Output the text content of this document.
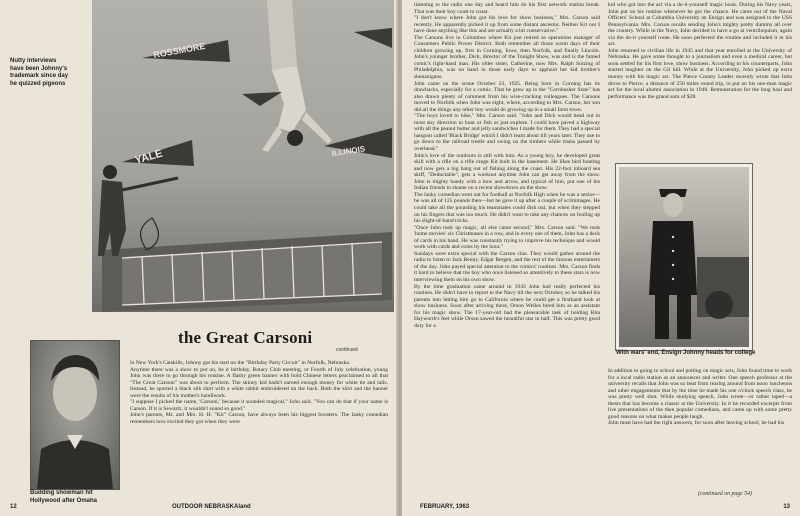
ROSSMORE
YALE	ILLINOIS
Nutty interviews
have been Johnny's
trademark since day
he quizzed pigeons
Budding showman hit Hollywood after Omaha
the Great Carsoni
continued
in New York's Catskills, Johnny got his start on the "Birthday Party Circuit" in Norfolk, Nebraska.
Anytime there was a show to put on, be it birthday, Rotary Club meeting, or Fourth of July celebration, young John was there to go through his routine. A flashy green banner with bold Chinese letters proclaimed to all that "The Great Carsoni" was about to perform. The skinny kid hadn't earned enough money for white tie and tails. Instead, he sported a black silk shirt with a white rabbit embroidered on the back. Both the shirt and the banner were the results of his mother's handiwork.
"I suppose I picked the name, 'Carsoni,' because it sounded magical," John said. "You can do that if your name is Carson. If it is Sewartz, it wouldn't sound so good."
John's parents, Mr. and Mrs. H. H. "Kit" Carson, have always been his biggest boosters. The lanky comedian remembers how excited they got when they were
12	OUTDOOR NEBRASKAland
listening to the radio one day and heard him do his first network station break. That was their boy coast to coast.
"I don't know where John got his love for show business," Mrs. Carson said recently. He apparently picked it up from some distant ancestor. Neither Kit nor I have done anything like this and are actually a bit conservative."
The Carsons live in Columbus where Kit just retired as operations manager of Consumers Public Power District. Both remember all those warm days of their children growing up, first in Corning, Iowa, then Norfolk, and finally Lincoln. John's younger brother, Dick, director of the Tonight Show, was and is the famed comic's right-hand man. His older sister, Catherine, now Mrs. Ralph Sotzing of Philadelphia, was on hand in those early days to applaud her kid brother's shenanigans.
John came on the scene October 23, 1925. Being born in Corning has its drawbacks, especially for a comic. That he grew up in the "Cornhusker State" has also drawn plenty of comment from his wise-cracking colleagues. The Carsons moved to Norfolk when John was eight, where, according to Mrs. Carson, her son did all the things any other boy would do growing up in a small farm town.
"The boys loved to hike," Mrs. Carson said. "John and Dick would head out in most any direction to hunt or fish or just explore. I could have paved a highway with all the peanut butter and jelly sandwiches I made for them. They had a special hangout called 'Black Bridge' which I didn't learn about till years later. They use to go down to the railroad trestle and swing on the timbers while trains passed by overhead."
John's love of the outdoors is still with him. As a young boy, he developed great skill with a rifle on a rifle range Kit built in the basement. He likes bird hunting and now gets a big bang out of fishing along the coast. His 22-foot inboard sea skiff, "Deductable", gets a workout anytime John can get away from the show. John is mighty handy with a bow and arrow, and typical of him, put one of his Indian friends to shame on a recent showdown on the show.
The lanky comedian went out for football at Norfolk High when he was a senior—he was all of 125 pounds then—but he gave it up after a couple of scrimmages. He could take all the pounding his teammates could dish out, but when they stepped on his fingers that was too much. He didn't want to take any chances on fouling up his slight-of-hand tricks.
"Once John took up magic, all else came second," Mrs. Carson said. "We took 'home movies' six Christmases in a row, and in every one of them, John has a deck of cards in his hand. He was constantly trying to improve his technique and would work with cards and coins by the hour."
Sundays were extra special with the Carson clan. They would gather around the radio to listen to Jack Benny, Edgar Bergen, and the rest of the famous entertainers of the day. John payed special attention to the comics' routines. Mrs. Carson finds it hard to believe that the boy who once listened so attentively to these stars is now interviewing them on his own show.
By the time graduation came around in 1943 John had really perfected his routines. He didn't have to report to the Navy till the next October, so he talked his parents into letting him go to California where he could get a firsthand look at show business. Soon after arriving there, Orson Welles hired him as an assistant for his magic show. The 17-year-old had the pleasurable task of holding Rita Hayworth's feet while Orson sawed the beautiful star in half. This was pretty good duty for a
kid who got into the act via a do-it-yourself magic book. During his Navy years, John put on his routine whenever he got the chance. He came out of the Naval Officers' School at Columbia University an Ensign and was assigned to the USS Pennsylvania. Mrs. Carson recalls sending John's mighty pretty dummy all over the country. While in the Navy, John decided to have a go at ventriloquism, again via the do-it yourself route. He soon perfected the routine and included it in his act.
John returned to civilian life in 1945 and that year enrolled at the University of Nebraska. He gave some thought to a journalism and even a medical career, but soon settled for his first love, show business. According to his counterparts, John started laughter on the Gil hill. While at the University, John picked up extra money with his magic act. The Pierce County Leader recently wrote that John drove to Pierce, a distance of 250 miles round trip, to put on his one-man magic act for the local alumni association in 1948. Remuneration for the long haul and performance was the grand sum of $28.
With wars' end, Ensign Johnny heads for college
In addition to going to school and putting on magic acts, John found time to work for a local radio station as an announcer and writer. One speech professor at the university recalls that John was so beat from tearing around from noon luncheons and other engagements that by the time he made his one o'clock speech class, he was pretty well shot. While studying speech, John wrote—or rather taped—a thesis that has become a classic at the University. In it he recorded excerpts from live presentations of the then popular comedians, and came up with some pretty good reasons on what makes people laugh.
John must have had the right answers, for soon after leaving school, he had his
(continued on page 54)
FEBRUARY, 1963	13
